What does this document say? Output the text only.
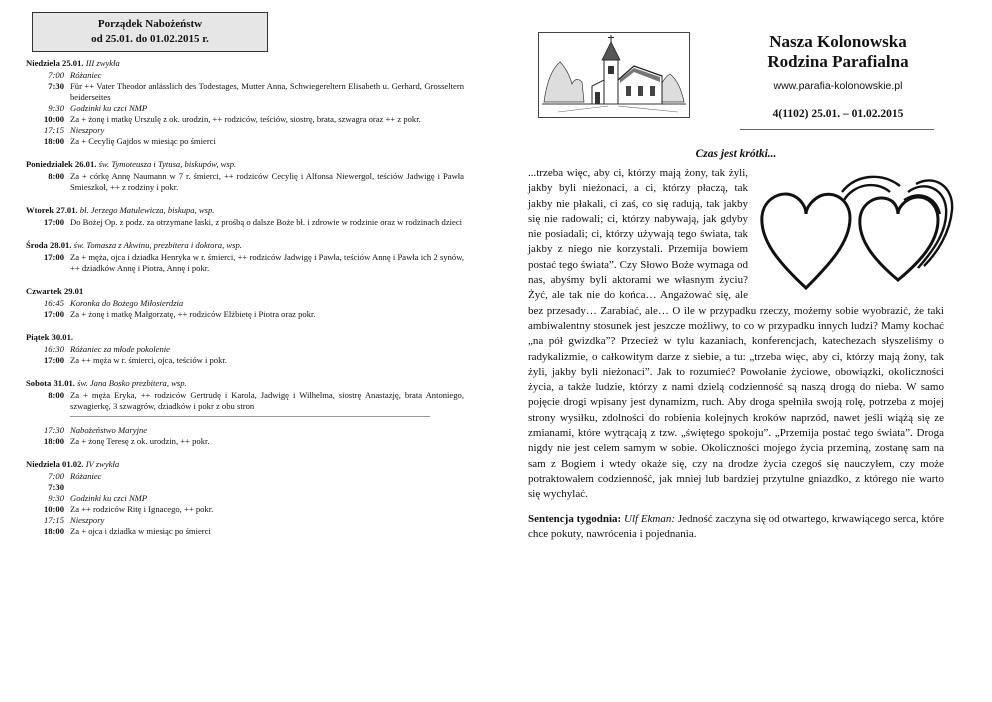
Porządek Nabożeństw
od 25.01. do 01.02.2015 r.
Niedziela 25.01. III zwykła
7:00 Różaniec
7:30 Für ++ Vater Theodor anlässlich des Todestages, Mutter Anna, Schwiegereltern Elisabeth u. Gerhard, Grosseltern beiderseites
9:30 Godzinki ku czci NMP
10:00 Za + żonę i matkę Urszulę z ok. urodzin, ++ rodziców, teściów, siostrę, brata, szwagra oraz ++ z pokr.
17:15 Nieszpory
18:00 Za + Cecylię Gajdos w miesiąc po śmierci
Poniedziałek 26.01. św. Tymoteusza i Tytusa, biskupów, wsp.
8:00 Za + córkę Annę Naumann w 7 r. śmierci, ++ rodziców Cecylię i Alfonsa Niewergol, teściów Jadwigę i Pawła Smieszkoł, ++ z rodziny i pokr.
Wtorek 27.01. bł. Jerzego Matulewicza, biskupa, wsp.
17:00 Do Bożej Op. z podz. za otrzymane łaski, z prośbą o dalsze Boże bł. i zdrowie w rodzinie oraz w rodzinach dzieci
Środa 28.01. św. Tomasza z Akwinu, prezbitera i doktora, wsp.
17:00 Za + męża, ojca i dziadka Henryka w r. śmierci, ++ rodziców Jadwigę i Pawła, teściów Annę i Pawła ich 2 synów, ++ dziadków Annę i Piotra, Annę i pokr.
Czwartek 29.01
16:45 Koronka do Bożego Miłosierdzia
17:00 Za + żonę i matkę Małgorzatę, ++ rodziców Elżbietę i Piotra oraz pokr.
Piątek 30.01.
16:30 Różaniec za młode pokolenie
17:00 Za ++ męża w r. śmierci, ojca, teściów i pokr.
Sobota 31.01. św. Jana Bosko prezbitera, wsp.
8:00 Za + męża Eryka, ++ rodziców Gertrudę i Karola, Jadwigę i Wilhelma, siostrę Anastazję, brata Antoniego, szwagierkę, 3 szwagrów, dziadków i pokr z obu stron
17:30 Nabożeństwo Maryjne
18:00 Za + żonę Teresę z ok. urodzin, ++ pokr.
Niedziela 01.02. IV zwykła
7:00 Różaniec
7:30
9:30 Godzinki ku czci NMP
10:00 Za ++ rodziców Ritę i Ignacego, ++ pokr.
17:15 Nieszpory
18:00 Za + ojca i dziadka w miesiąc po śmierci
Nasza Kolonowska
Rodzina Parafialna
www.parafia-kolonowskie.pl
4(1102) 25.01. – 01.02.2015
Czas jest krótki...

...trzeba więc, aby ci, którzy mają żony, tak żyli, jakby byli nieżonaci, a ci, którzy płaczą, tak jakby nie płakali, ci zaś, co się radują, tak jakby się nie radowali; ci, którzy nabywają, jak gdyby nie posiadali; ci, którzy używają tego świata, tak jakby z niego nie korzystali. Przemija bowiem postać tego świata”. Czy Słowo Boże wymaga od nas, abyśmy byli aktorami we własnym życiu? Żyć, ale tak nie do końca… Angażować się, ale bez przesady… Zarabiać, ale… O ile w przypadku rzeczy, możemy sobie wyobrazić, że taki ambiwalentny stosunek jest jeszcze możliwy, to co w przypadku innych ludzi? Mamy kochać „na pół gwizdka”? Przecież w tylu kazaniach, konferencjach, katechezach słyszeliśmy o radykalizmie, o całkowitym darze z siebie, a tu: „trzeba więc, aby ci, którzy mają żony, tak żyli, jakby byli nieżonaci”. Jak to rozumieć? Powołanie życiowe, obowiązki, okoliczności życia, a także ludzie, którzy z nami dzielą codzienność są naszą drogą do nieba. W samo pojęcie drogi wpisany jest dynamizm, ruch. Aby droga spełniła swoją rolę, potrzeba z mojej strony wysiłku, zdolności do robienia kolejnych kroków naprzód, nawet jeśli wiążą się ze zmianami, które wytrącają z tzw. „świętego spokoju”. „Przemija postać tego świata”. Droga nigdy nie jest celem samym w sobie. Okoliczności mojego życia przeminą, zostanę sam na sam z Bogiem i wtedy okaże się, czy na drodze życia czegoś się nauczyłem, czy może potraktowałem codzienność, jak mniej lub bardziej przytulne gniazdko, z którego nie warto się wychylać.

Sentencja tygodnia: Ulf Ekman: Jedność zaczyna się od otwartego, krwawiącego serca, które chce pokuty, nawrócenia i pojednania.
